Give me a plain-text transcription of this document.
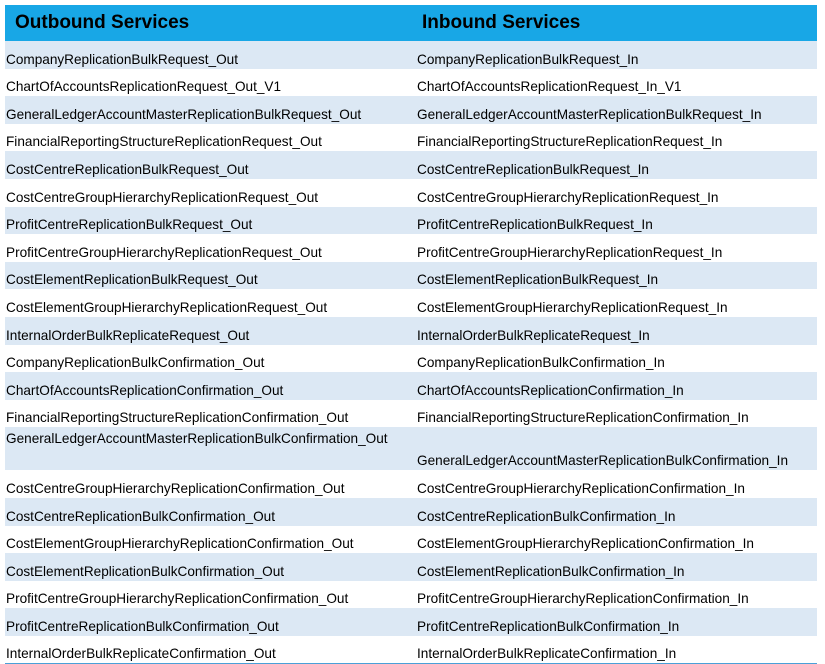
Outbound Services	Inbound Services
CompanyReplicationBulkRequest_Out	CompanyReplicationBulkRequest_In
ChartOfAccountsReplicationRequest_Out_V1	ChartOfAccountsReplicationRequest_In_V1
GeneralLedgerAccountMasterReplicationBulkRequest_Out	GeneralLedgerAccountMasterReplicationBulkRequest_In
FinancialReportingStructureReplicationRequest_Out	FinancialReportingStructureReplicationRequest_In
CostCentreReplicationBulkRequest_Out	CostCentreReplicationBulkRequest_In
CostCentreGroupHierarchyReplicationRequest_Out	CostCentreGroupHierarchyReplicationRequest_In
ProfitCentreReplicationBulkRequest_Out	ProfitCentreReplicationBulkRequest_In
ProfitCentreGroupHierarchyReplicationRequest_Out	ProfitCentreGroupHierarchyReplicationRequest_In
CostElementReplicationBulkRequest_Out	CostElementReplicationBulkRequest_In
CostElementGroupHierarchyReplicationRequest_Out	CostElementGroupHierarchyReplicationRequest_In
InternalOrderBulkReplicateRequest_Out	InternalOrderBulkReplicateRequest_In
CompanyReplicationBulkConfirmation_Out	CompanyReplicationBulkConfirmation_In
ChartOfAccountsReplicationConfirmation_Out	ChartOfAccountsReplicationConfirmation_In
FinancialReportingStructureReplicationConfirmation_Out	FinancialReportingStructureReplicationConfirmation_In
GeneralLedgerAccountMasterReplicationBulkConfirmation_Out	GeneralLedgerAccountMasterReplicationBulkConfirmation_In
CostCentreGroupHierarchyReplicationConfirmation_Out	CostCentreGroupHierarchyReplicationConfirmation_In
CostCentreReplicationBulkConfirmation_Out	CostCentreReplicationBulkConfirmation_In
CostElementGroupHierarchyReplicationConfirmation_Out	CostElementGroupHierarchyReplicationConfirmation_In
CostElementReplicationBulkConfirmation_Out	CostElementReplicationBulkConfirmation_In
ProfitCentreGroupHierarchyReplicationConfirmation_Out	ProfitCentreGroupHierarchyReplicationConfirmation_In
ProfitCentreReplicationBulkConfirmation_Out	ProfitCentreReplicationBulkConfirmation_In
InternalOrderBulkReplicateConfirmation_Out	InternalOrderBulkReplicateConfirmation_In
